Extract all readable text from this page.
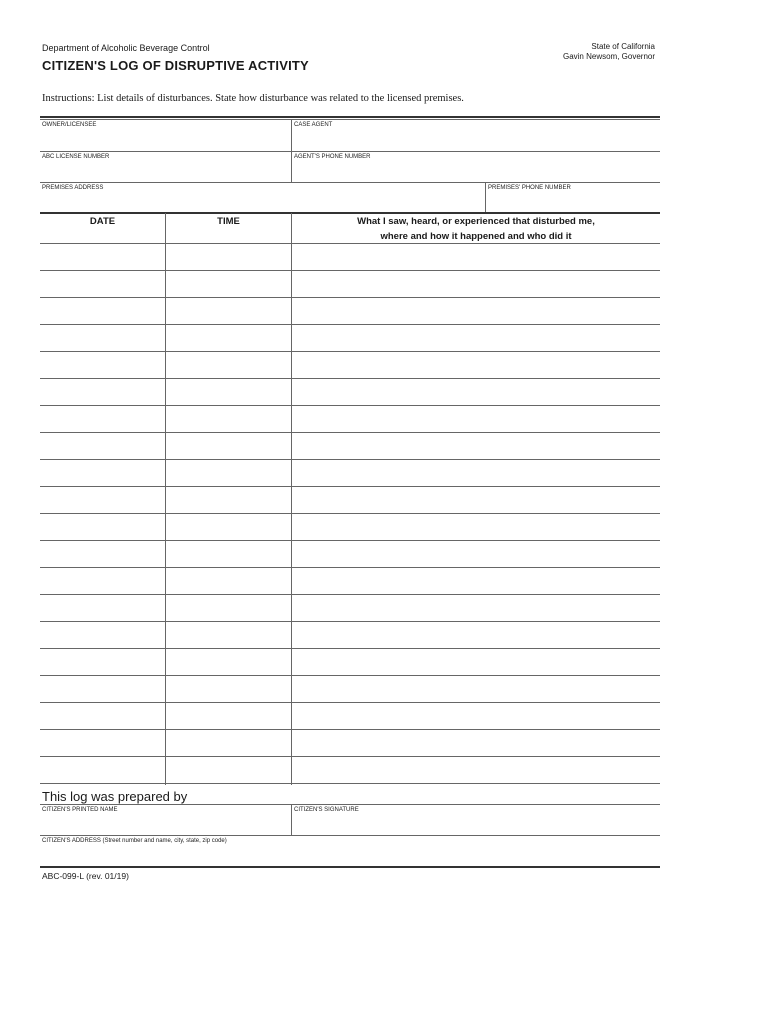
Department of Alcoholic Beverage Control
CITIZEN'S LOG OF DISRUPTIVE ACTIVITY
State of California
Gavin Newsom, Governor
Instructions: List details of disturbances. State how disturbance was related to the licensed premises.
OWNER/LICENSEE	CASE AGENT
ABC LICENSE NUMBER	AGENT'S PHONE NUMBER
PREMISES ADDRESS	PREMISES' PHONE NUMBER
DATE	TIME	What I saw, heard, or experienced that disturbed me,
where and how it happened and who did it
This log was prepared by
CITIZEN'S PRINTED NAME	CITIZEN'S SIGNATURE
CITIZEN'S ADDRESS (Street number and name, city, state, zip code)
ABC-099-L (rev. 01/19)
